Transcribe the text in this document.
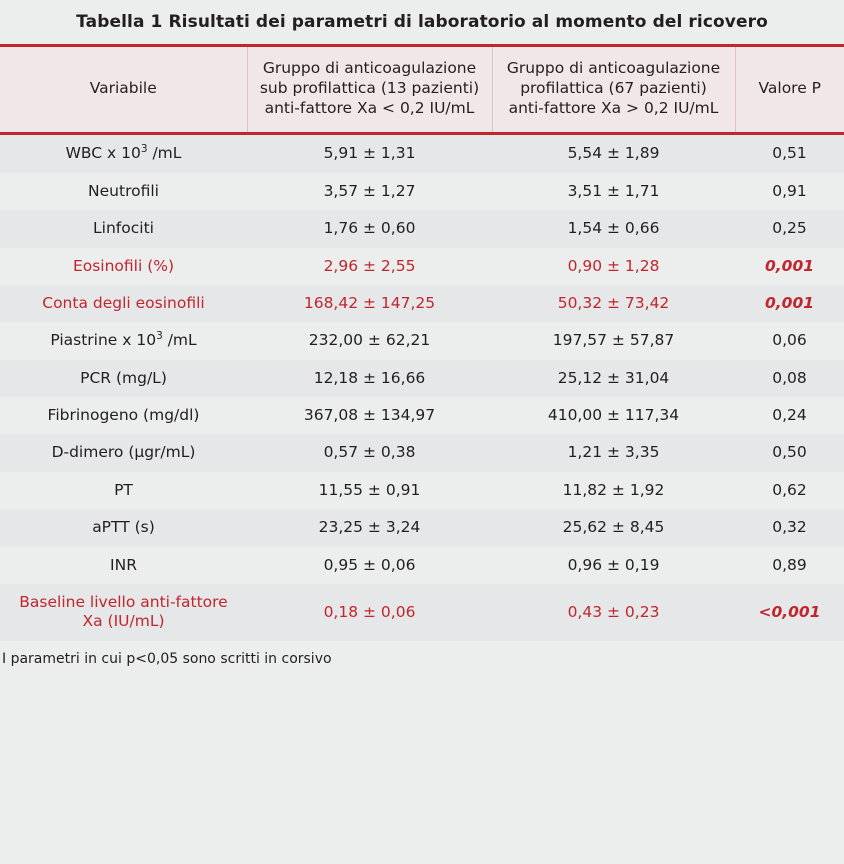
Tabella 1 Risultati dei parametri di laboratorio al momento del ricovero
Variabile	Gruppo di anticoagulazione sub profilattica (13 pazienti) anti-fattore Xa < 0,2 IU/mL	Gruppo di anticoagulazione profilattica (67 pazienti) anti-fattore Xa > 0,2 IU/mL	Valore P
WBC x $10^3$ /mL	5,91 ± 1,31	5,54 ± 1,89	0,51
Neutrofili	3,57 ± 1,27	3,51 ± 1,71	0,91
Linfociti	1,76 ± 0,60	1,54 ± 0,66	0,25
Eosinofili (%)	2,96 ± 2,55	0,90 ± 1,28	0,001
Conta degli eosinofili	168,42 ± 147,25	50,32 ± 73,42	0,001
Piastrine x $10^3$ /mL	232,00 ± 62,21	197,57 ± 57,87	0,06
PCR (mg/L)	12,18 ± 16,66	25,12 ± 31,04	0,08
Fibrinogeno (mg/dl)	367,08 ± 134,97	410,00 ± 117,34	0,24
D-dimero (μgr/mL)	0,57 ± 0,38	1,21 ± 3,35	0,50
PT	11,55 ± 0,91	11,82 ± 1,92	0,62
aPTT (s)	23,25 ± 3,24	25,62 ± 8,45	0,32
INR	0,95 ± 0,06	0,96 ± 0,19	0,89
Baseline livello anti-fattore Xa (IU/mL)	0,18 ± 0,06	0,43 ± 0,23	<0,001
I parametri in cui p<0,05 sono scritti in corsivo
